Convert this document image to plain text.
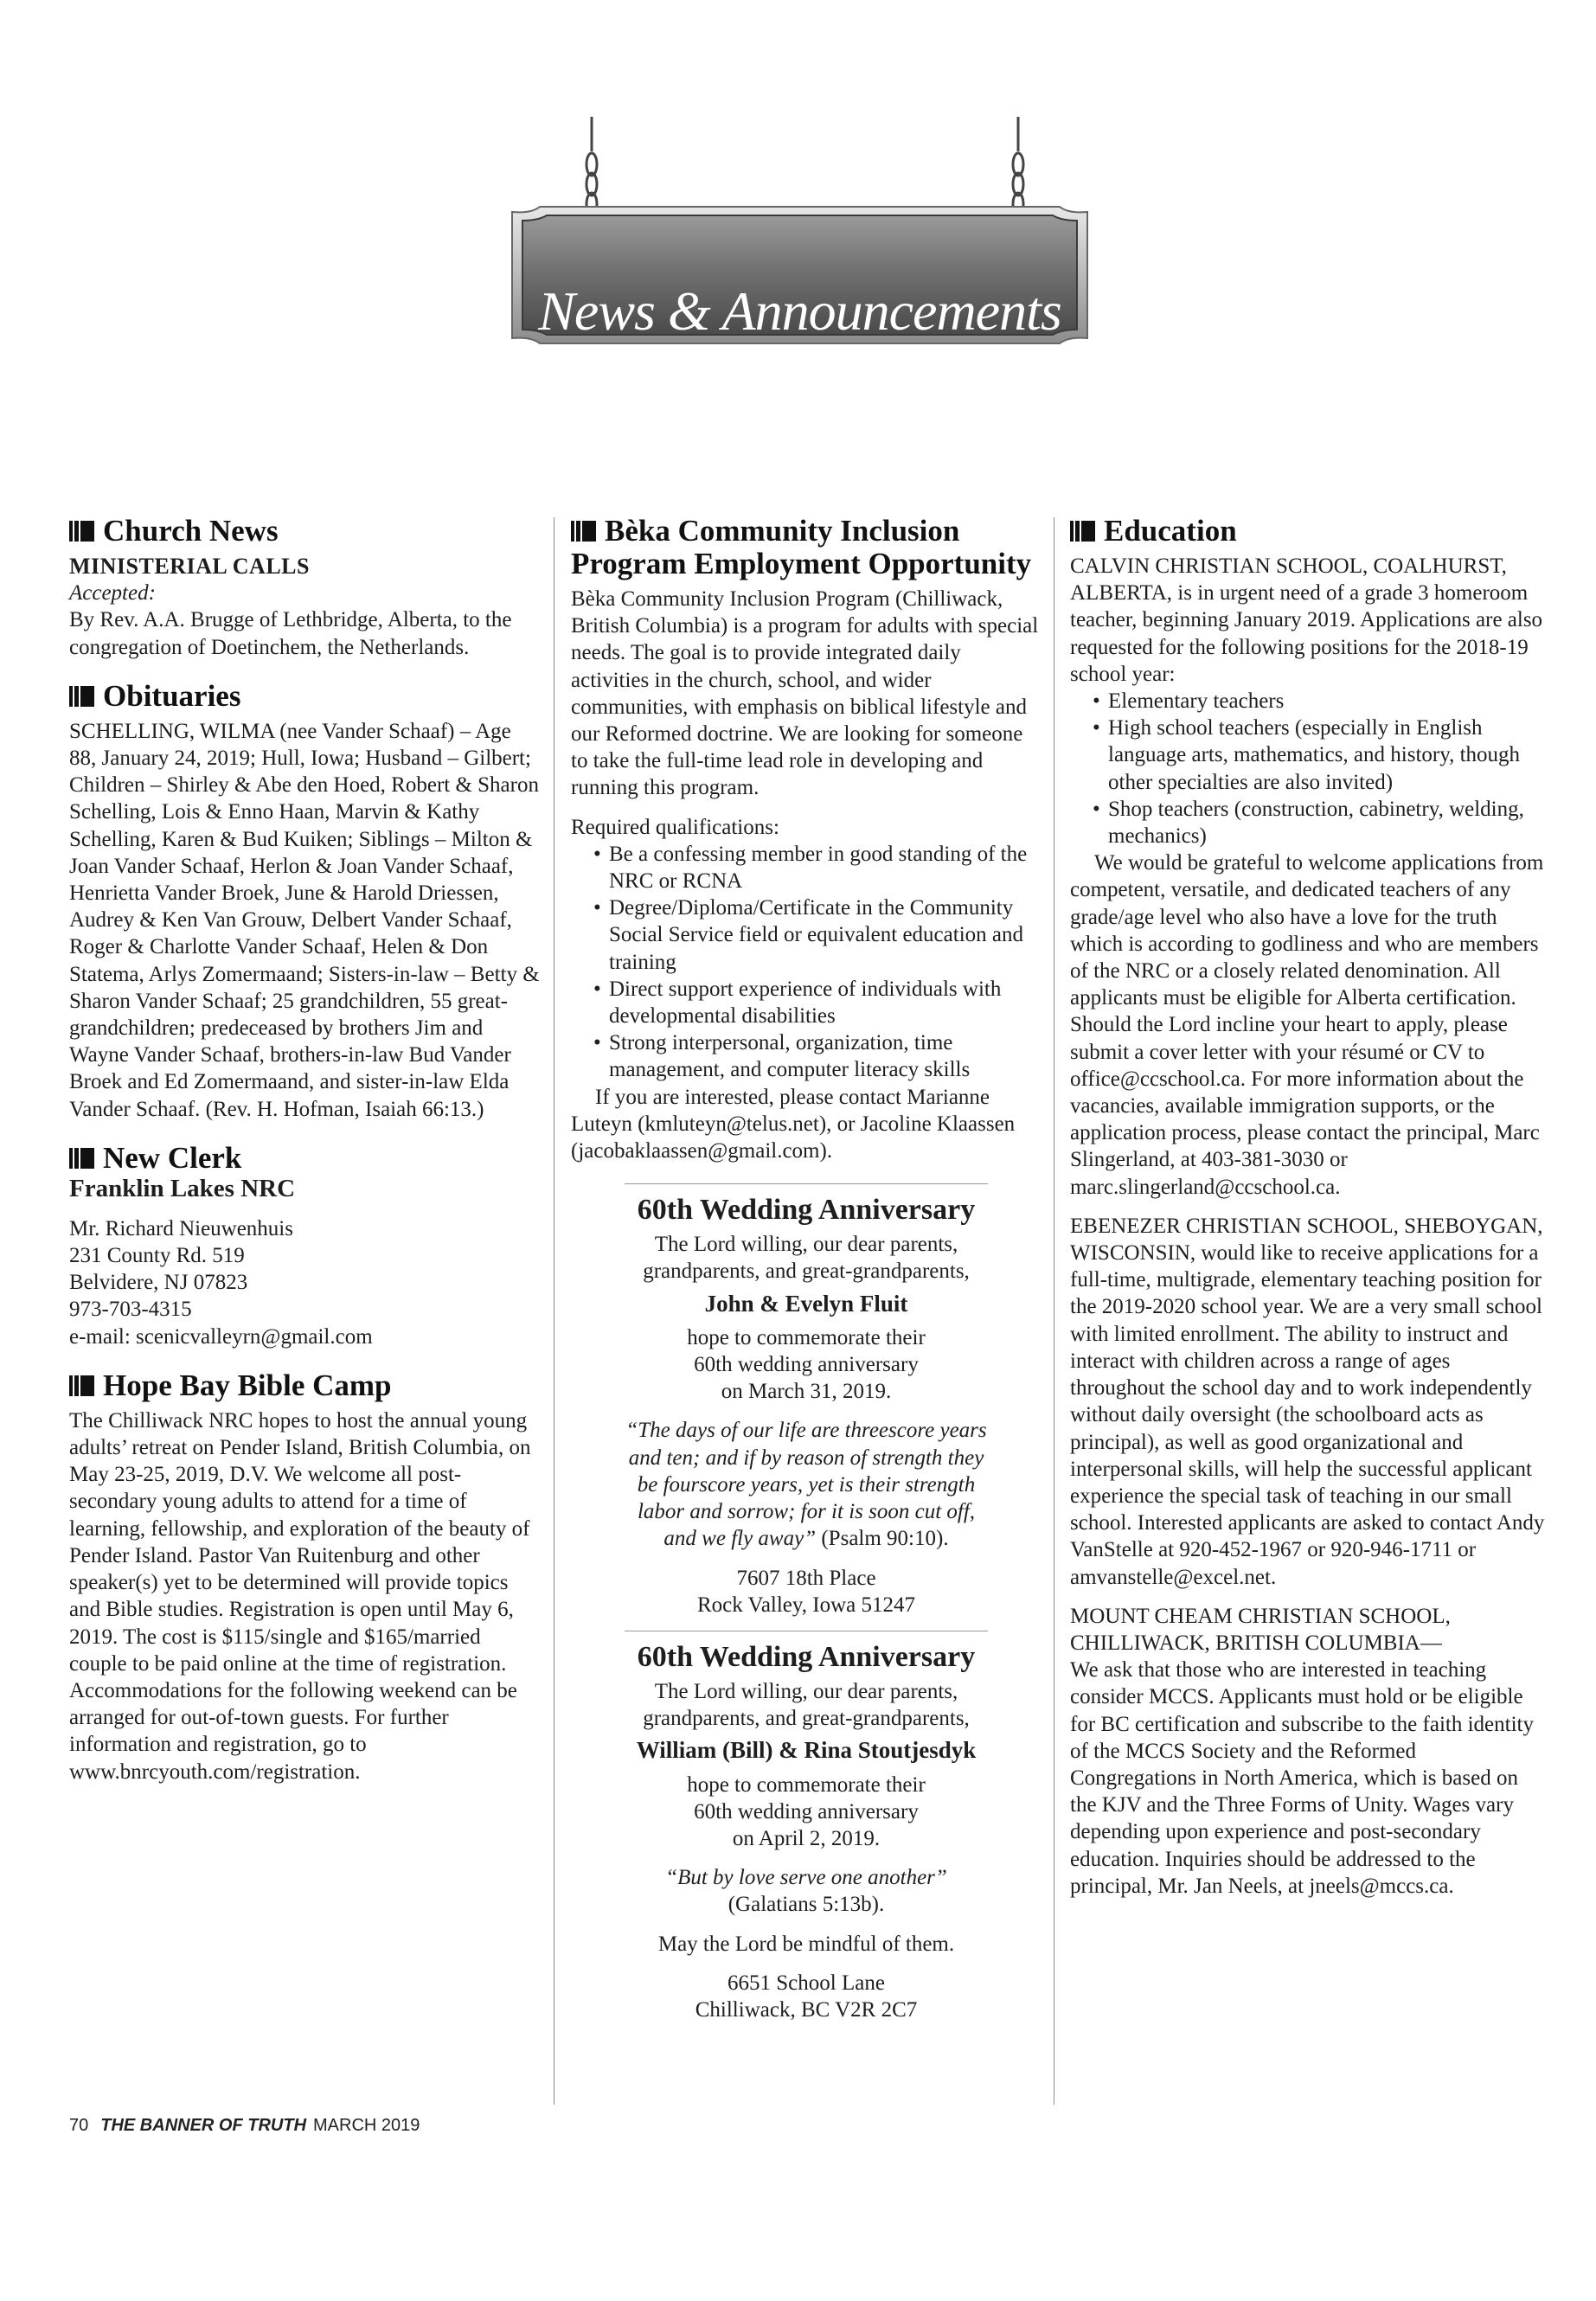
News & Announcements
Church News

MINISTERIAL CALLS

Accepted:

By Rev. A.A. Brugge of Lethbridge, Alberta, to the congregation of Doetinchem, the Netherlands.

Obituaries

SCHELLING, WILMA (nee Vander Schaaf) – Age 88, January 24, 2019; Hull, Iowa; Husband – Gilbert; Children – Shirley & Abe den Hoed, Robert & Sharon Schelling, Lois & Enno Haan, Marvin & Kathy Schelling, Karen & Bud Kuiken; Siblings – Milton & Joan Vander Schaaf, Herlon & Joan Vander Schaaf, Henrietta Vander Broek, June & Harold Driessen, Audrey & Ken Van Grouw, Delbert Vander Schaaf, Roger & Charlotte Vander Schaaf, Helen & Don Statema, Arlys Zomermaand; Sisters-in-law – Betty & Sharon Vander Schaaf; 25 grandchildren, 55 great-grandchildren; predeceased by brothers Jim and Wayne Vander Schaaf, brothers-in-law Bud Vander Broek and Ed Zomermaand, and sister-in-law Elda Vander Schaaf. (Rev. H. Hofman, Isaiah 66:13.)

New Clerk

Franklin Lakes NRC

Mr. Richard Nieuwenhuis

231 County Rd. 519

Belvidere, NJ 07823

973-703-4315

e-mail: scenicvalleyrn@gmail.com

Hope Bay Bible Camp

The Chilliwack NRC hopes to host the annual young adults’ retreat on Pender Island, British Columbia, on May 23-25, 2019, D.V. We welcome all post-secondary young adults to attend for a time of learning, fellowship, and exploration of the beauty of Pender Island. Pastor Van Ruitenburg and other speaker(s) yet to be determined will provide topics and Bible studies. Registration is open until May 6, 2019. The cost is $115/single and $165/married couple to be paid online at the time of registration. Accommodations for the following weekend can be arranged for out-of-town guests. For further information and registration, go to www.bnrcyouth.com/registration.

Bèka Community Inclusion Program Employment Opportunity

Bèka Community Inclusion Program (Chilliwack, British Columbia) is a program for adults with special needs. The goal is to provide integrated daily activities in the church, school, and wider communities, with emphasis on biblical lifestyle and our Reformed doctrine. We are looking for someone to take the full-time lead role in developing and running this program.

Required qualifications:

• Be a confessing member in good standing of the NRC or RCNA
• Degree/Diploma/Certificate in the Community Social Service field or equivalent education and training
• Direct support experience of individuals with developmental disabilities
• Strong interpersonal, organization, time management, and computer literacy skills

If you are interested, please contact Marianne Luteyn (kmluteyn@telus.net), or Jacoline Klaassen (jacobaklaassen@gmail.com).

60th Wedding Anniversary

The Lord willing, our dear parents,

grandparents, and great-grandparents,

John & Evelyn Fluit

hope to commemorate their

60th wedding anniversary

on March 31, 2019.

“The days of our life are threescore years and ten; and if by reason of strength they be fourscore years, yet is their strength labor and sorrow; for it is soon cut off, and we fly away” (Psalm 90:10).

7607 18th Place

Rock Valley, Iowa 51247

60th Wedding Anniversary

The Lord willing, our dear parents,

grandparents, and great-grandparents,

William (Bill) & Rina Stoutjesdyk

hope to commemorate their

60th wedding anniversary

on April 2, 2019.

“But by love serve one another”

(Galatians 5:13b).

May the Lord be mindful of them.

6651 School Lane

Chilliwack, BC V2R 2C7

Education

CALVIN CHRISTIAN SCHOOL, COALHURST, ALBERTA, is in urgent need of a grade 3 homeroom teacher, beginning January 2019. Applications are also requested for the following positions for the 2018-19 school year:

• Elementary teachers
• High school teachers (especially in English language arts, mathematics, and history, though other specialties are also invited)
• Shop teachers (construction, cabinetry, welding, mechanics)

We would be grateful to welcome applications from competent, versatile, and dedicated teachers of any grade/age level who also have a love for the truth which is according to godliness and who are members of the NRC or a closely related denomination. All applicants must be eligible for Alberta certification. Should the Lord incline your heart to apply, please submit a cover letter with your résumé or CV to office@ccschool.ca. For more information about the vacancies, available immigration supports, or the application process, please contact the principal, Marc Slingerland, at 403-381-3030 or marc.slingerland@ccschool.ca.

EBENEZER CHRISTIAN SCHOOL, SHEBOYGAN, WISCONSIN, would like to receive applications for a full-time, multigrade, elementary teaching position for the 2019-2020 school year. We are a very small school with limited enrollment. The ability to instruct and interact with children across a range of ages throughout the school day and to work independently without daily oversight (the schoolboard acts as principal), as well as good organizational and interpersonal skills, will help the successful applicant experience the special task of teaching in our small school. Interested applicants are asked to contact Andy VanStelle at 920-452-1967 or 920-946-1711 or amvanstelle@excel.net.

MOUNT CHEAM CHRISTIAN SCHOOL, CHILLIWACK, BRITISH COLUMBIA—

We ask that those who are interested in teaching consider MCCS. Applicants must hold or be eligible for BC certification and subscribe to the faith identity of the MCCS Society and the Reformed Congregations in North America, which is based on the KJV and the Three Forms of Unity. Wages vary depending upon experience and post-secondary education. Inquiries should be addressed to the principal, Mr. Jan Neels, at jneels@mccs.ca.

70 THE BANNER OF TRUTH MARCH 2019
